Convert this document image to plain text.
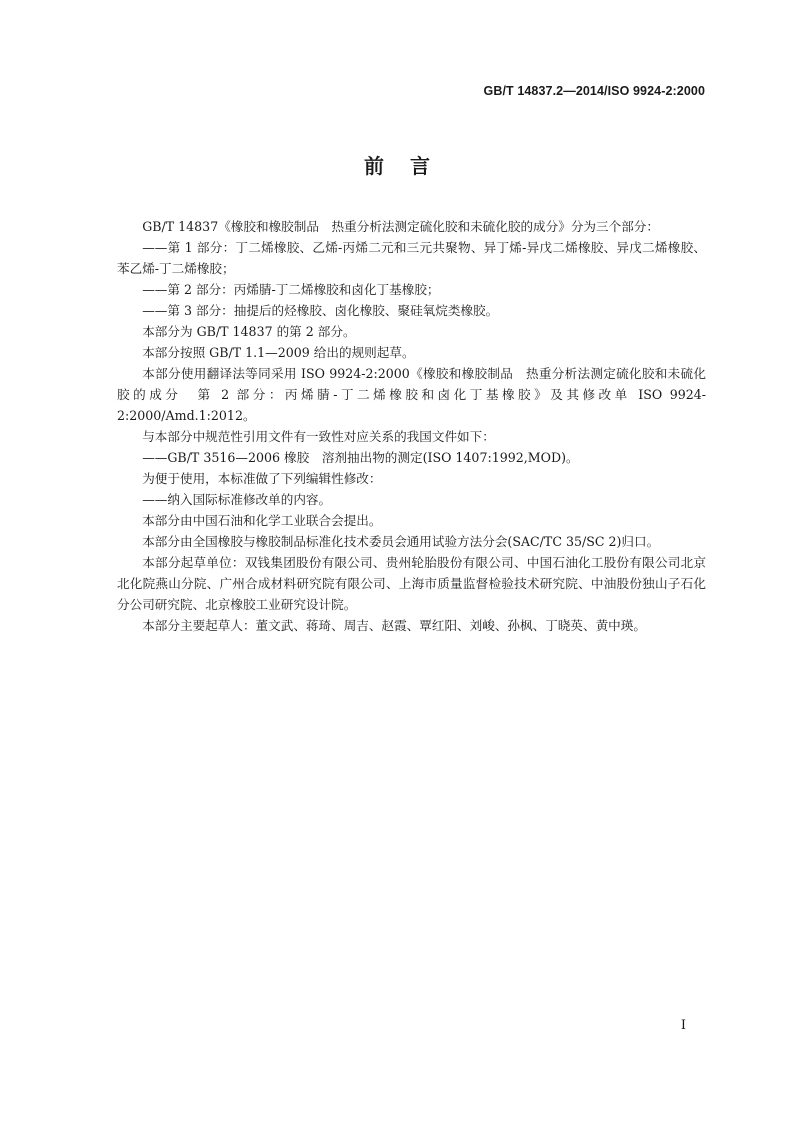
GB/T 14837.2—2014/ISO 9924-2:2000
前言

GB/T 14837《橡胶和橡胶制品　热重分析法测定硫化胶和未硫化胶的成分》分为三个部分：

——第 1 部分：丁二烯橡胶、乙烯-丙烯二元和三元共聚物、异丁烯-异戊二烯橡胶、异戊二烯橡胶、苯乙烯-丁二烯橡胶；

——第 2 部分：丙烯腈-丁二烯橡胶和卤化丁基橡胶；

——第 3 部分：抽提后的烃橡胶、卤化橡胶、聚硅氧烷类橡胶。

本部分为 GB/T 14837 的第 2 部分。

本部分按照 GB/T 1.1—2009 给出的规则起草。

本部分使用翻译法等同采用 ISO 9924-2:2000《橡胶和橡胶制品　热重分析法测定硫化胶和未硫化胶的成分　第 2 部分：丙烯腈-丁二烯橡胶和卤化丁基橡胶》及其修改单 ISO 9924-2:2000/Amd.1:2012。

与本部分中规范性引用文件有一致性对应关系的我国文件如下：

——GB/T 3516—2006 橡胶　溶剂抽出物的测定(ISO 1407:1992,MOD)。

为便于使用，本标准做了下列编辑性修改：

——纳入国际标准修改单的内容。

本部分由中国石油和化学工业联合会提出。

本部分由全国橡胶与橡胶制品标准化技术委员会通用试验方法分会(SAC/TC 35/SC 2)归口。

本部分起草单位：双钱集团股份有限公司、贵州轮胎股份有限公司、中国石油化工股份有限公司北京北化院燕山分院、广州合成材料研究院有限公司、上海市质量监督检验技术研究院、中油股份独山子石化分公司研究院、北京橡胶工业研究设计院。

本部分主要起草人：董文武、蒋琦、周吉、赵霞、覃红阳、刘峻、孙枫、丁晓英、黄中瑛。

I
